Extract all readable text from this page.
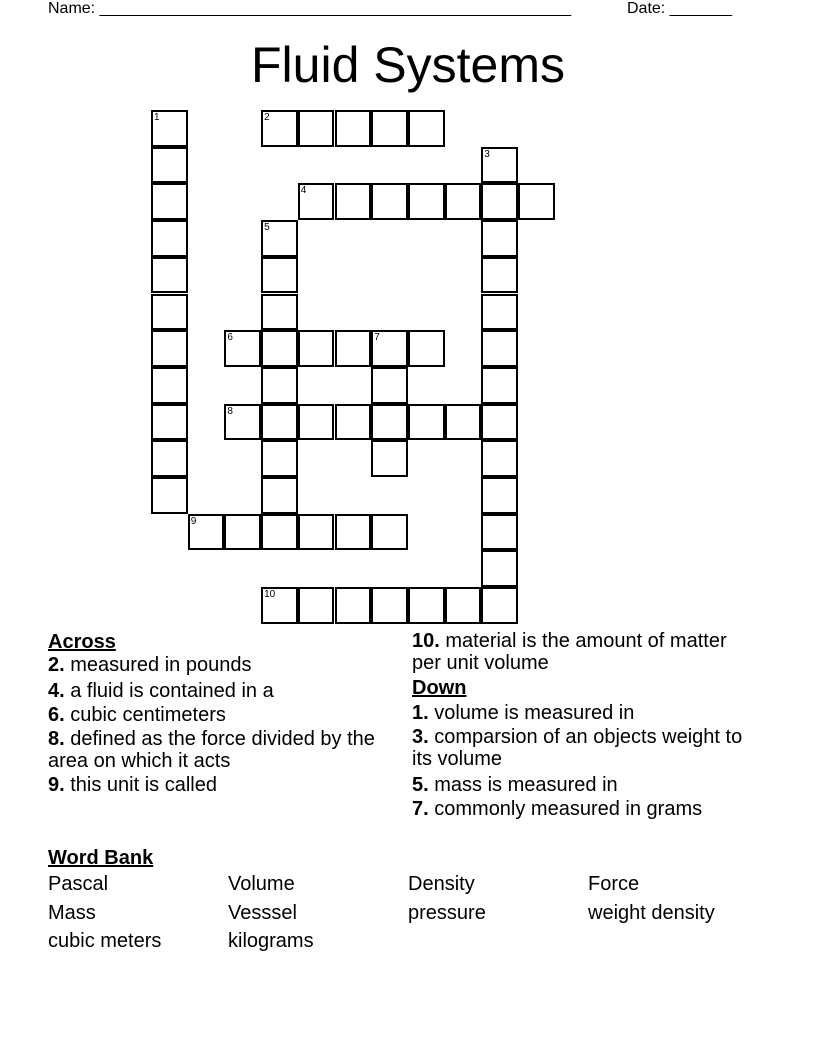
Name: _____________________________________________________	Date: _______
Fluid Systems
1	2
3
4
5
6	7
8
9
10
Across
2. measured in pounds
4. a fluid is contained in a
6. cubic centimeters
8. defined as the force divided by the area on which it acts
9. this unit is called
10. material is the amount of matter per unit volume
Down
1. volume is measured in
3. comparsion of an objects weight to its volume
5. mass is measured in
7. commonly measured in grams
Word Bank
Pascal	Volume	Density	Force
Mass	Vesssel	pressure	weight density
cubic meters	kilograms
